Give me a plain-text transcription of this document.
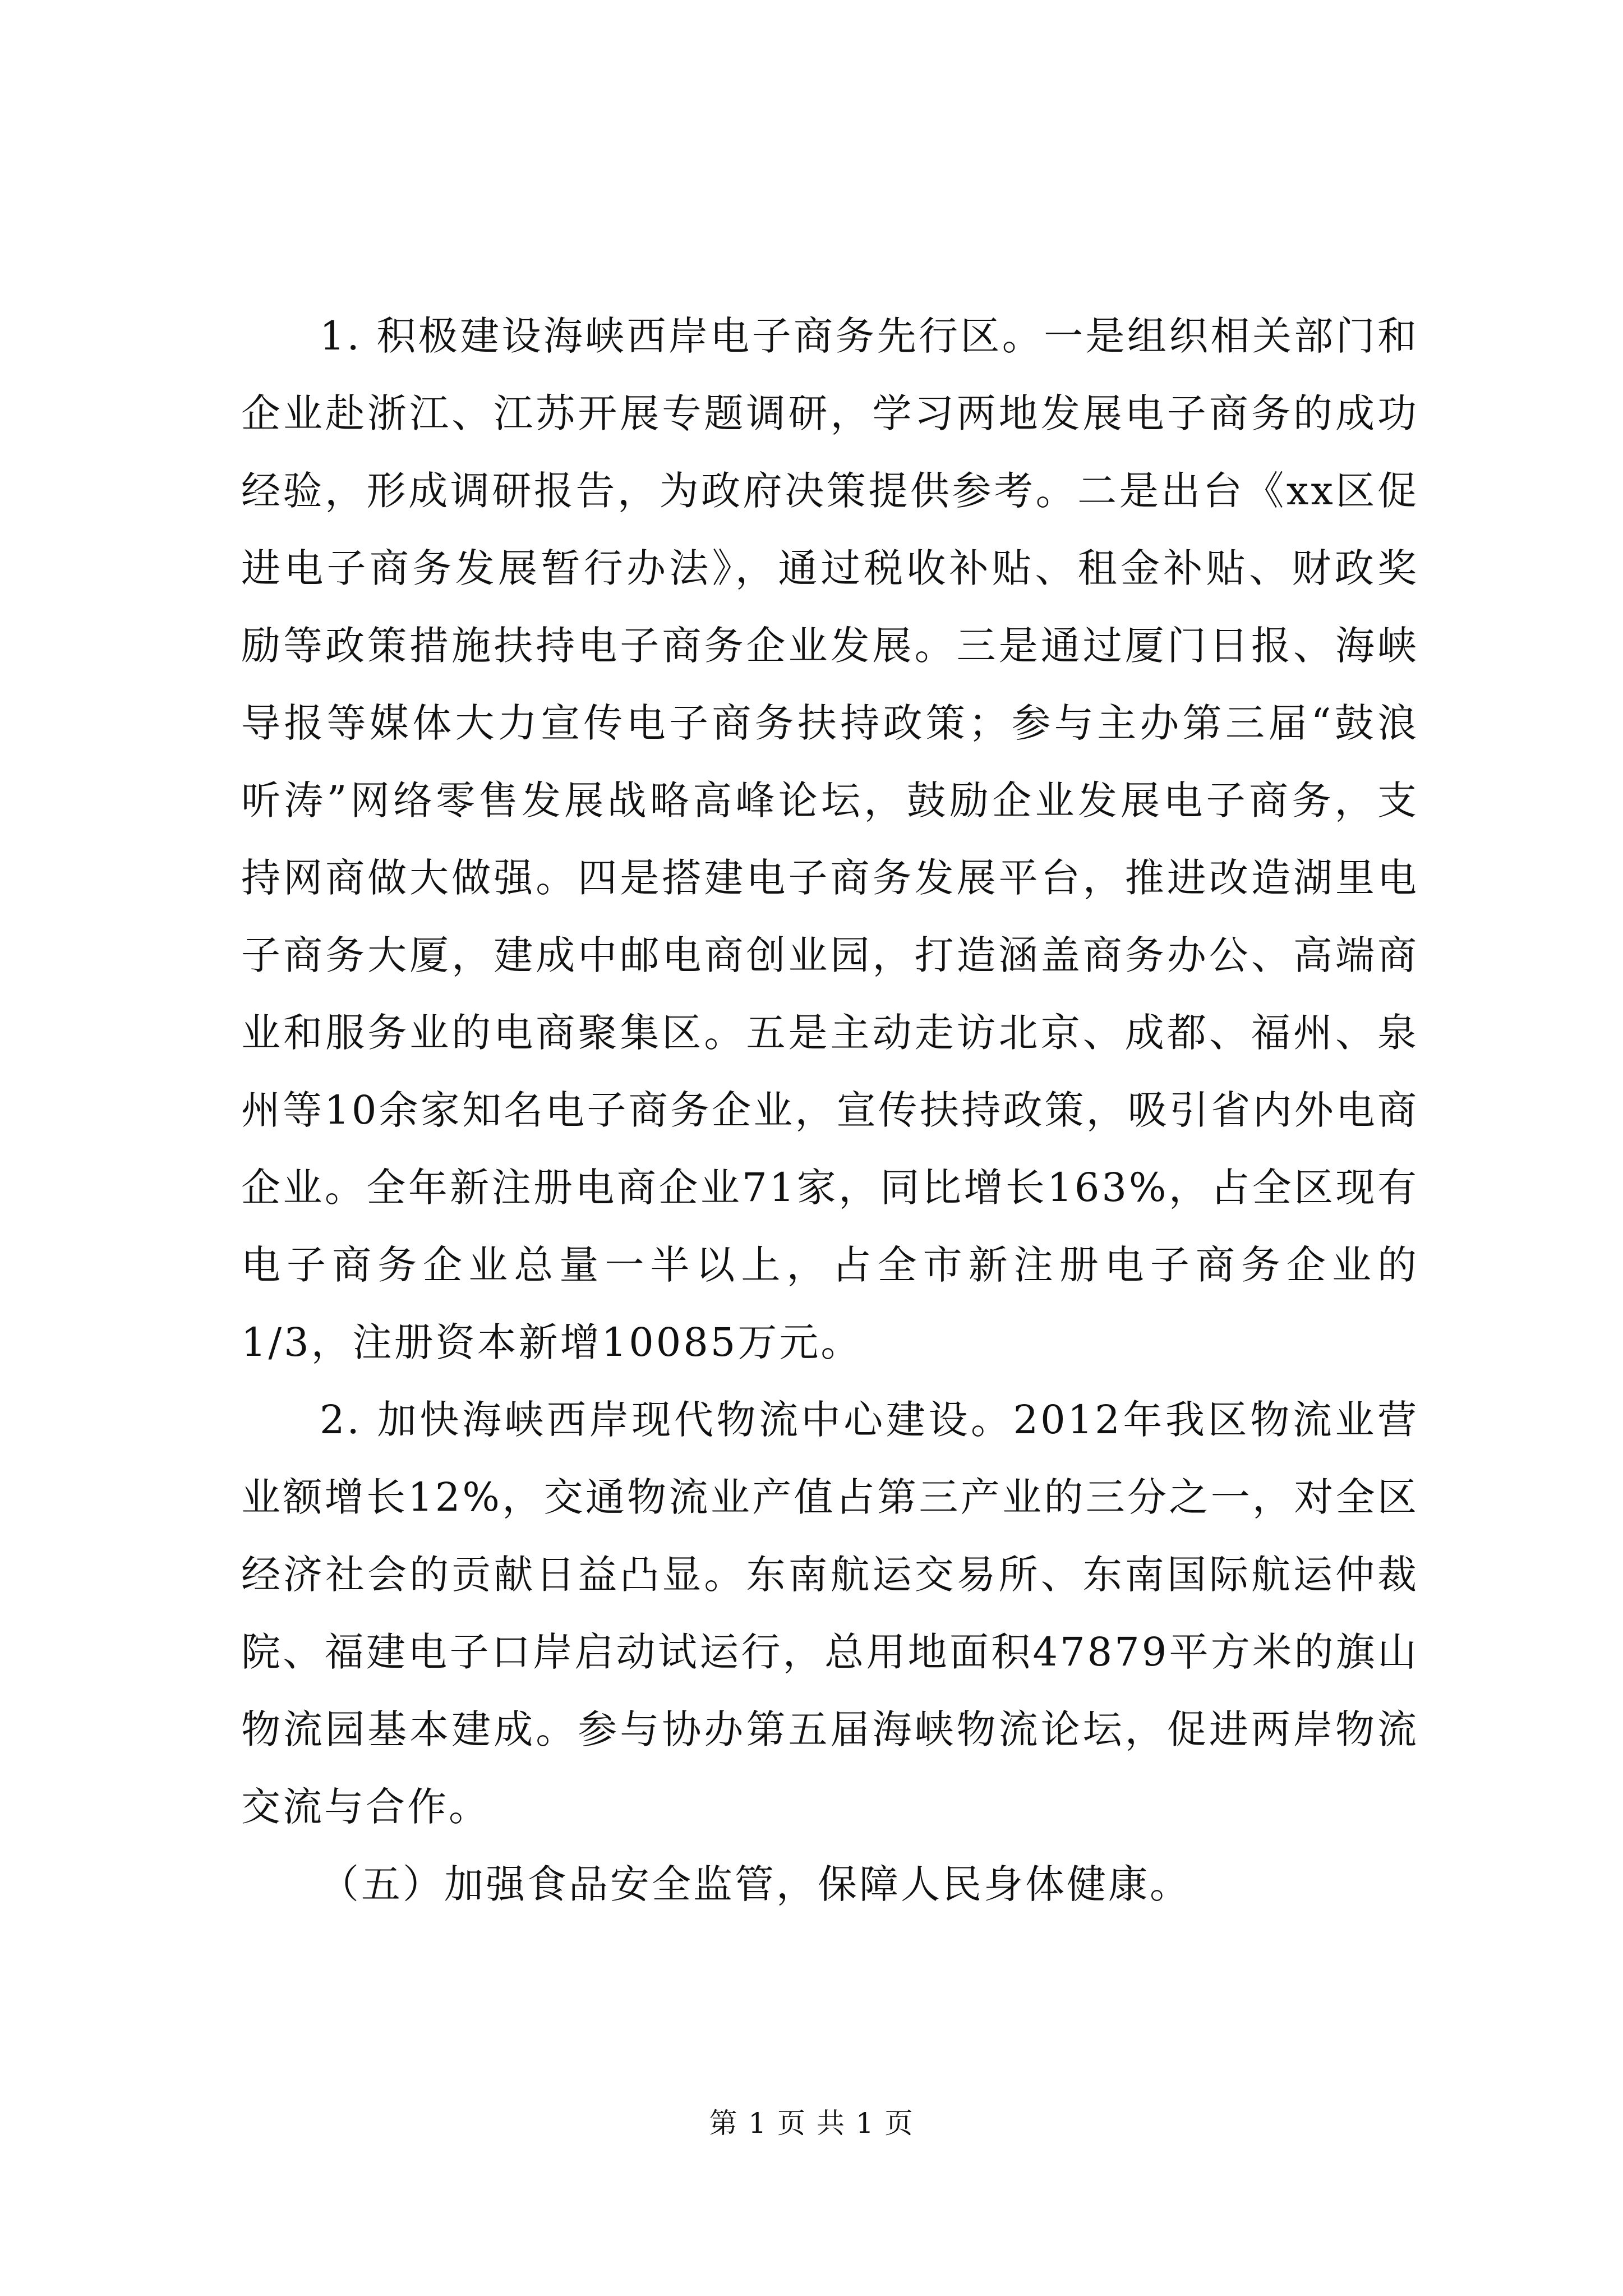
1. 积极建设海峡西岸电子商务先行区。一是组织相关部门和企业赴浙江、江苏开展专题调研，学习两地发展电子商务的成功经验，形成调研报告，为政府决策提供参考。二是出台《xx区促进电子商务发展暂行办法》，通过税收补贴、租金补贴、财政奖励等政策措施扶持电子商务企业发展。三是通过厦门日报、海峡导报等媒体大力宣传电子商务扶持政策；参与主办第三届“鼓浪听涛”网络零售发展战略高峰论坛，鼓励企业发展电子商务，支持网商做大做强。四是搭建电子商务发展平台，推进改造湖里电子商务大厦，建成中邮电商创业园，打造涵盖商务办公、高端商业和服务业的电商聚集区。五是主动走访北京、成都、福州、泉州等10余家知名电子商务企业，宣传扶持政策，吸引省内外电商企业。全年新注册电商企业71家，同比增长163%，占全区现有电子商务企业总量一半以上，占全市新注册电子商务企业的1/3，注册资本新增10085万元。

2. 加快海峡西岸现代物流中心建设。2012年我区物流业营业额增长12%，交通物流业产值占第三产业的三分之一，对全区经济社会的贡献日益凸显。东南航运交易所、东南国际航运仲裁院、福建电子口岸启动试运行，总用地面积47879平方米的旗山物流园基本建成。参与协办第五届海峡物流论坛，促进两岸物流交流与合作。

（五）加强食品安全监管，保障人民身体健康。

第 1 页 共 1 页
